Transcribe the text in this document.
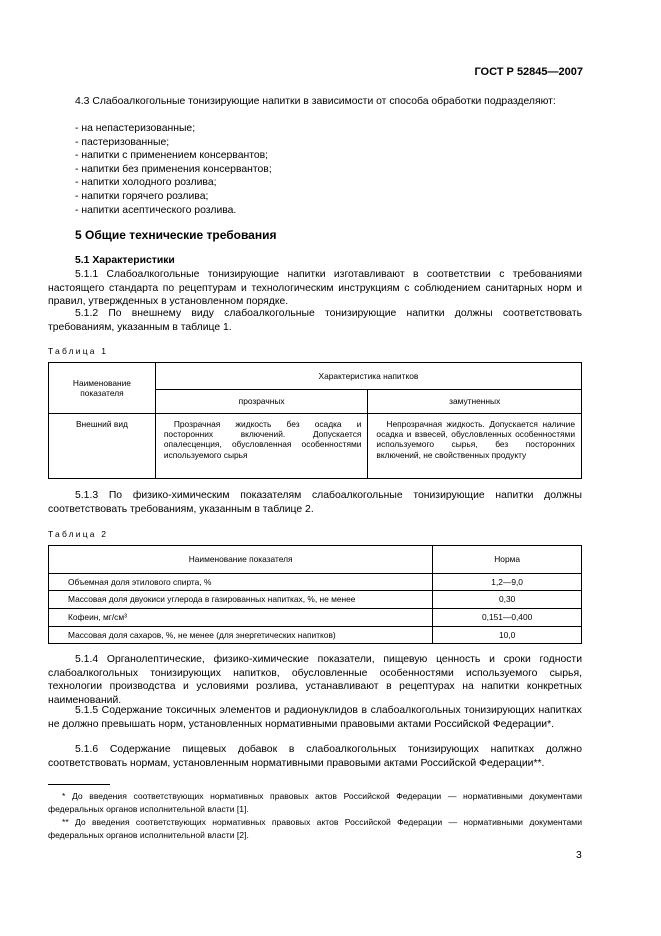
ГОСТ Р 52845—2007
4.3 Слабоалкогольные тонизирующие напитки в зависимости от способа обработки подразделяют:
- на непастеризованные;
- пастеризованные;
- напитки с применением консервантов;
- напитки без применения консервантов;
- напитки холодного розлива;
- напитки горячего розлива;
- напитки асептического розлива.
5 Общие технические требования
5.1 Характеристики
5.1.1 Слабоалкогольные тонизирующие напитки изготавливают в соответствии с требованиями настоящего стандарта по рецептурам и технологическим инструкциям с соблюдением санитарных норм и правил, утвержденных в установленном порядке.
5.1.2 По внешнему виду слабоалкогольные тонизирующие напитки должны соответствовать требованиям, указанным в таблице 1.
Таблица 1
Наименование показателя	Характеристика напитков	
	прозрачных	замутненных
Внешний вид	Прозрачная жидкость без осадка и посторонних включений. Допускается опалесценция, обусловленная особенностями используемого сырья	Непрозрачная жидкость. Допускается наличие осадка и взвесей, обусловленных особенностями используемого сырья, без посторонних включений, не свойственных продукту
5.1.3 По физико-химическим показателям слабоалкогольные тонизирующие напитки должны соответствовать требованиям, указанным в таблице 2.
Таблица 2
Наименование показателя	Норма
Объемная доля этилового спирта, %	1,2—9,0
Массовая доля двуокиси углерода в газированных напитках, %, не менее	0,30
Кофеин, мг/см³	0,151—0,400
Массовая доля сахаров, %, не менее (для энергетических напитков)	10,0
5.1.4 Органолептические, физико-химические показатели, пищевую ценность и сроки годности слабоалкогольных тонизирующих напитков, обусловленные особенностями используемого сырья, технологии производства и условиями розлива, устанавливают в рецептурах на напитки конкретных наименований.
5.1.5 Содержание токсичных элементов и радионуклидов в слабоалкогольных тонизирующих напитках не должно превышать норм, установленных нормативными правовыми актами Российской Федерации*.
5.1.6 Содержание пищевых добавок в слабоалкогольных тонизирующих напитках должно соответствовать нормам, установленным нормативными правовыми актами Российской Федерации**.
* До введения соответствующих нормативных правовых актов Российской Федерации — нормативными документами федеральных органов исполнительной власти [1].
** До введения соответствующих нормативных правовых актов Российской Федерации — нормативными документами федеральных органов исполнительной власти [2].
3
